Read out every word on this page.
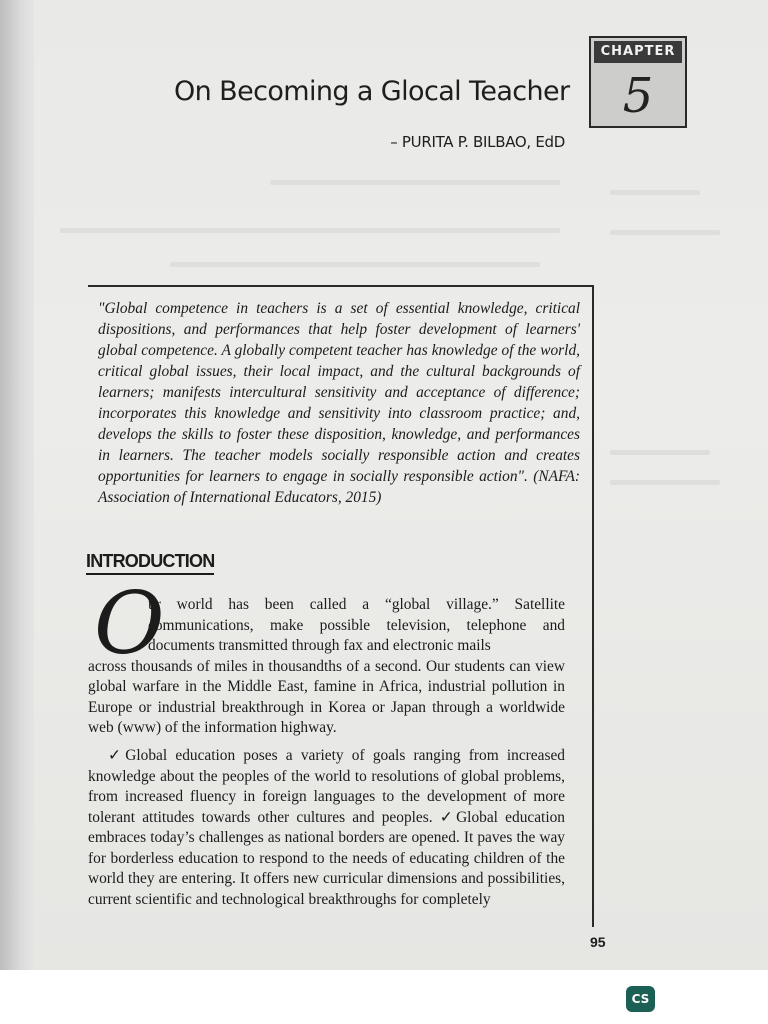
CHAPTER
5
On Becoming a Glocal Teacher
– PURITA P. BILBAO, EdD

"Global competence in teachers is a set of essential knowledge, critical dispositions, and performances that help foster development of learners' global competence. A globally competent teacher has knowledge of the world, critical global issues, their local impact, and the cultural backgrounds of learners; manifests intercultural sensitivity and acceptance of difference; incorporates this knowledge and sensitivity into classroom practice; and, develops the skills to foster these disposition, knowledge, and performances in learners. The teacher models socially responsible action and creates opportunities for learners to engage in socially responsible action". (NAFA: Association of International Educators, 2015)

INTRODUCTION
O

ur world has been called a “global village.” Satellite communications, make possible television, telephone and documents transmitted through fax and electronic mails
across thousands of miles in thousandths of a second. Our students can view global warfare in the Middle East, famine in Africa, industrial pollution in Europe or industrial breakthrough in Korea or Japan through a worldwide web (www) of the information highway.

✓Global education poses a variety of goals ranging from increased knowledge about the peoples of the world to resolutions of global problems, from increased fluency in foreign languages to the development of more tolerant attitudes towards other cultures and peoples. ✓Global education embraces today’s challenges as national borders are opened. It paves the way for borderless education to respond to the needs of educating children of the world they are entering. It offers new curricular dimensions and possibilities, current scientific and technological breakthroughs for completely

95
CS
